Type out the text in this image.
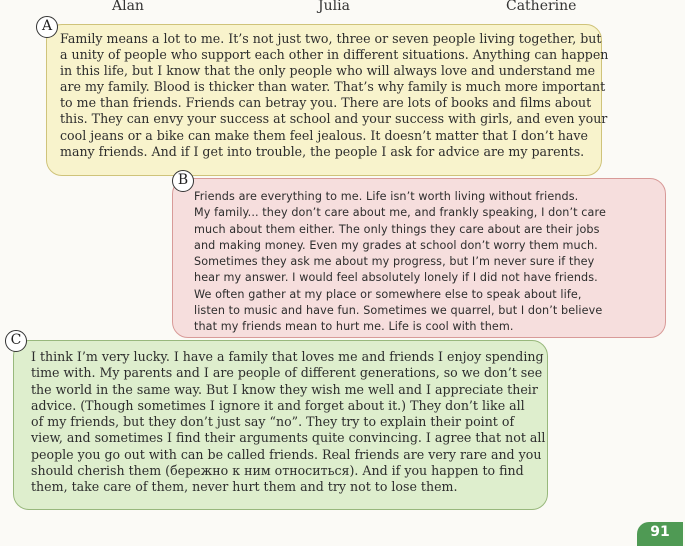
Alan	Julia	Catherine

Family means a lot to me. It’s not just two, three or seven people living together, but
a unity of people who support each other in different situations. Anything can happen
in this life, but I know that the only people who will always love and understand me
are my family. Blood is thicker than water. That’s why family is much more important
to me than friends. Friends can betray you. There are lots of books and films about
this. They can envy your success at school and your success with girls, and even your
cool jeans or a bike can make them feel jealous. It doesn’t matter that I don’t have
many friends. And if I get into trouble, the people I ask for advice are my parents.

Friends are everything to me. Life isn’t worth living without friends.
My family... they don’t care about me, and frankly speaking, I don’t care
much about them either. The only things they care about are their jobs
and making money. Even my grades at school don’t worry them much.
Sometimes they ask me about my progress, but I’m never sure if they
hear my answer. I would feel absolutely lonely if I did not have friends.
We often gather at my place or somewhere else to speak about life,
listen to music and have fun. Sometimes we quarrel, but I don’t believe
that my friends mean to hurt me. Life is cool with them.

I think I’m very lucky. I have a family that loves me and friends I enjoy spending
time with. My parents and I are people of different generations, so we don’t see
the world in the same way. But I know they wish me well and I appreciate their
advice. (Though sometimes I ignore it and forget about it.) They don’t like all
of my friends, but they don’t just say “no”. They try to explain their point of
view, and sometimes I find their arguments quite convincing. I agree that not all
people you go out with can be called friends. Real friends are very rare and you
should cherish them (бережно к ним относиться). And if you happen to find
them, take care of them, never hurt them and try not to lose them.

A
B
C
91
